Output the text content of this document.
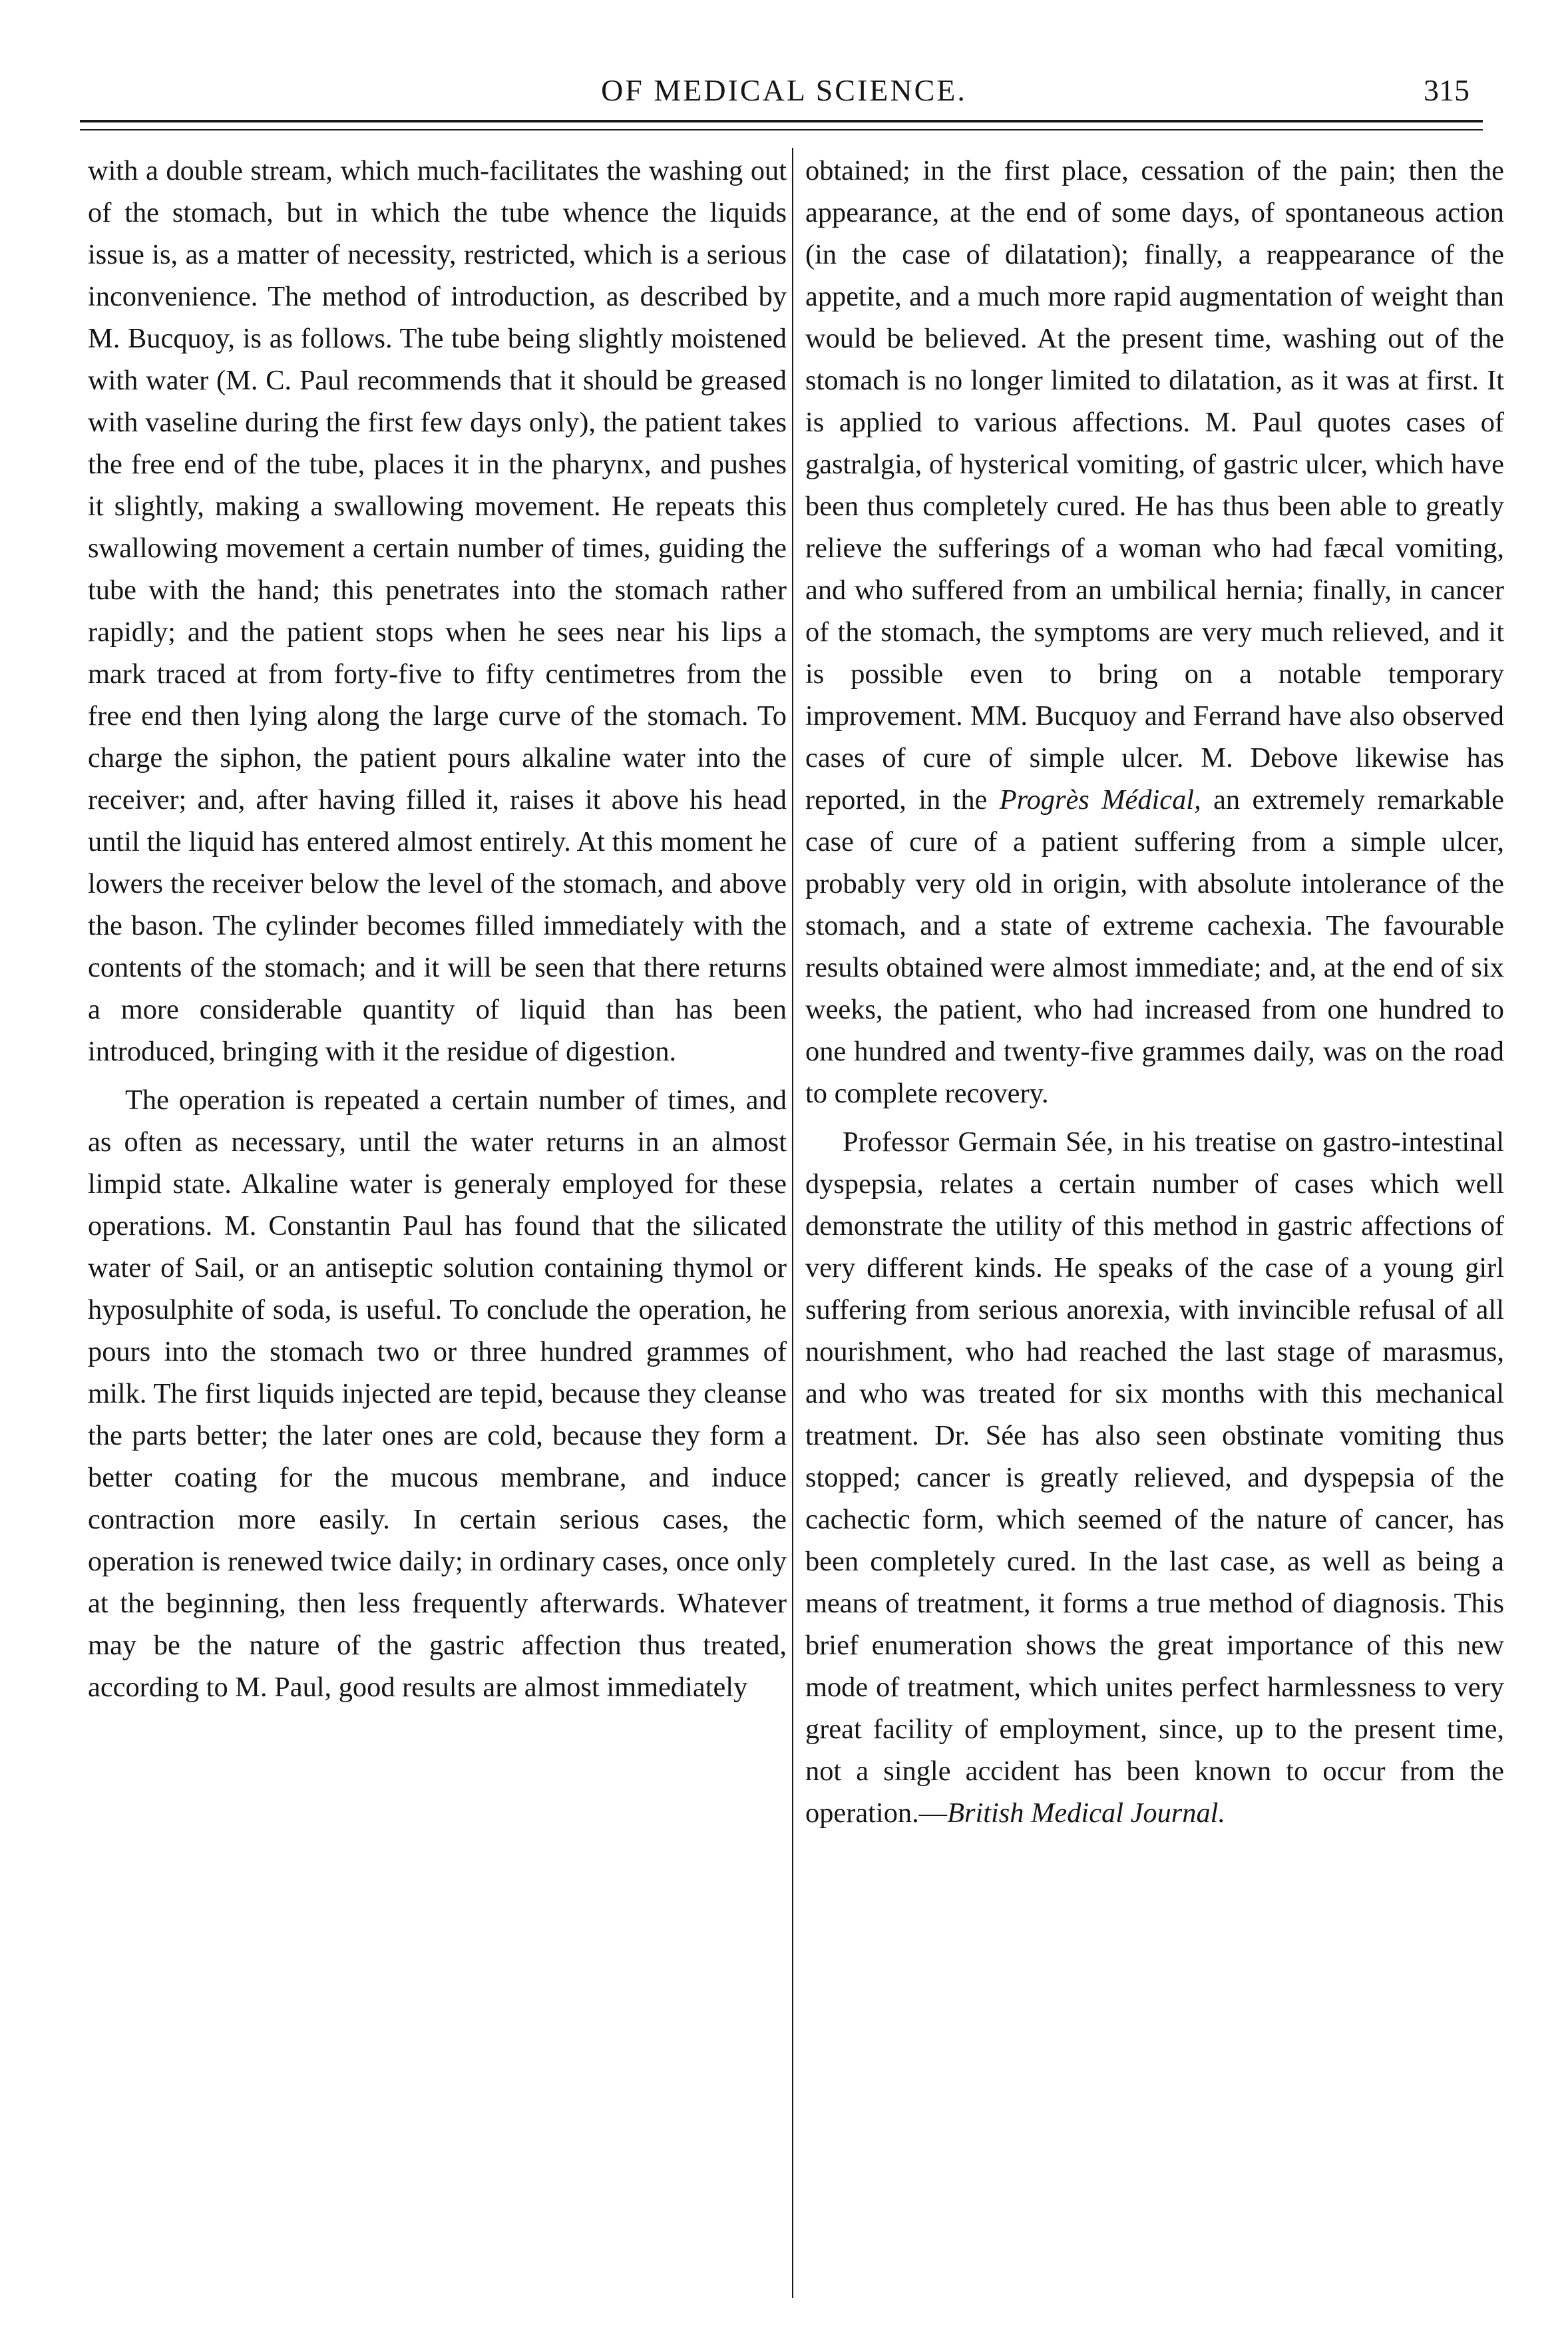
OF MEDICAL SCIENCE.	315

with a double stream, which much-facilitates the washing out of the stomach, but in which the tube whence the liquids issue is, as a matter of necessity, restricted, which is a serious inconvenience. The method of introduction, as described by M. Bucquoy, is as follows. The tube being slightly moistened with water (M. C. Paul recommends that it should be greased with vaseline during the first few days only), the patient takes the free end of the tube, places it in the pharynx, and pushes it slightly, making a swallowing movement. He repeats this swallowing movement a certain number of times, guiding the tube with the hand; this penetrates into the stomach rather rapidly; and the patient stops when he sees near his lips a mark traced at from forty-five to fifty centimetres from the free end then lying along the large curve of the stomach. To charge the siphon, the patient pours alkaline water into the receiver; and, after having filled it, raises it above his head until the liquid has entered almost entirely. At this moment he lowers the receiver below the level of the stomach, and above the bason. The cylinder becomes filled immediately with the contents of the stomach; and it will be seen that there returns a more considerable quantity of liquid than has been introduced, bringing with it the residue of digestion.

The operation is repeated a certain number of times, and as often as necessary, until the water returns in an almost limpid state. Alkaline water is generaly employed for these operations. M. Constantin Paul has found that the silicated water of Sail, or an antiseptic solution containing thymol or hyposulphite of soda, is useful. To conclude the operation, he pours into the stomach two or three hundred grammes of milk. The first liquids injected are tepid, because they cleanse the parts better; the later ones are cold, because they form a better coating for the mucous membrane, and induce contraction more easily. In certain serious cases, the operation is renewed twice daily; in ordinary cases, once only at the beginning, then less frequently afterwards. Whatever may be the nature of the gastric affection thus treated, according to M. Paul, good results are almost immediately

obtained; in the first place, cessation of the pain; then the appearance, at the end of some days, of spontaneous action (in the case of dilatation); finally, a reappearance of the appetite, and a much more rapid augmentation of weight than would be believed. At the present time, washing out of the stomach is no longer limited to dilatation, as it was at first. It is applied to various affections. M. Paul quotes cases of gastralgia, of hysterical vomiting, of gastric ulcer, which have been thus completely cured. He has thus been able to greatly relieve the sufferings of a woman who had fæcal vomiting, and who suffered from an umbilical hernia; finally, in cancer of the stomach, the symptoms are very much relieved, and it is possible even to bring on a notable temporary improvement. MM. Bucquoy and Ferrand have also observed cases of cure of simple ulcer. M. Debove likewise has reported, in the Progrès Médical, an extremely remarkable case of cure of a patient suffering from a simple ulcer, probably very old in origin, with absolute intolerance of the stomach, and a state of extreme cachexia. The favourable results obtained were almost immediate; and, at the end of six weeks, the patient, who had increased from one hundred to one hundred and twenty-five grammes daily, was on the road to complete recovery.

Professor Germain Sée, in his treatise on gastro-intestinal dyspepsia, relates a certain number of cases which well demonstrate the utility of this method in gastric affections of very different kinds. He speaks of the case of a young girl suffering from serious anorexia, with invincible refusal of all nourishment, who had reached the last stage of marasmus, and who was treated for six months with this mechanical treatment. Dr. Sée has also seen obstinate vomiting thus stopped; cancer is greatly relieved, and dyspepsia of the cachectic form, which seemed of the nature of cancer, has been completely cured. In the last case, as well as being a means of treatment, it forms a true method of diagnosis. This brief enumeration shows the great importance of this new mode of treatment, which unites perfect harmlessness to very great facility of employment, since, up to the present time, not a single accident has been known to occur from the operation.—British Medical Journal.
